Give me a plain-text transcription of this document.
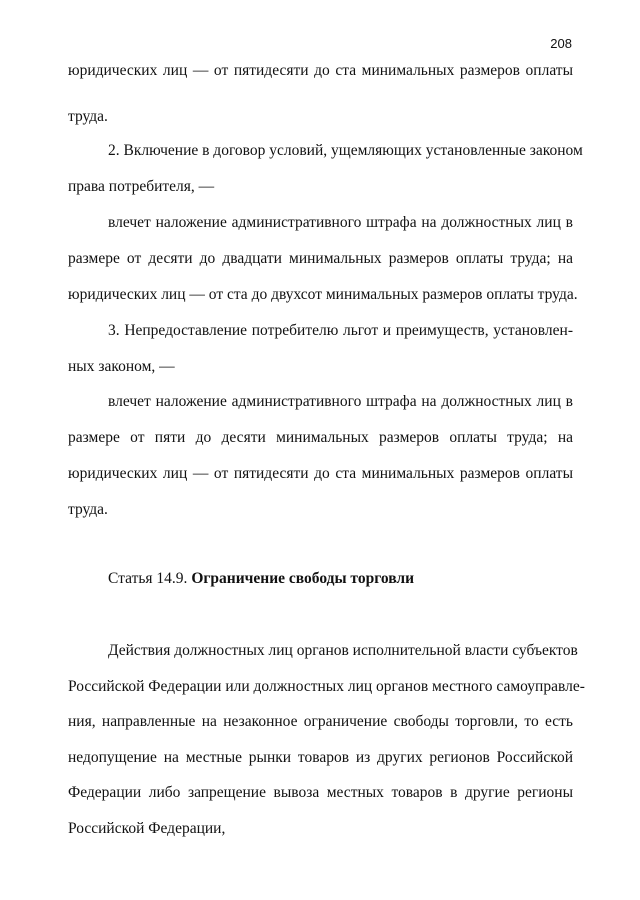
208
юридических лиц — от пятидесяти до ста минимальных размеров оплаты
труда.
2. Включение в договор условий, ущемляющих установленные законом
права потребителя, —
влечет наложение административного штрафа на должностных лиц в
размере от десяти до двадцати минимальных размеров оплаты труда; на
юридических лиц — от ста до двухсот минимальных размеров оплаты труда.
3. Непредоставление потребителю льгот и преимуществ, установлен-
ных законом, —
влечет наложение административного штрафа на должностных лиц в
размере от пяти до десяти минимальных размеров оплаты труда; на
юридических лиц — от пятидесяти до ста минимальных размеров оплаты
труда.
Статья 14.9. Ограничение свободы торговли
Действия должностных лиц органов исполнительной власти субъектов
Российской Федерации или должностных лиц органов местного самоуправле-
ния, направленные на незаконное ограничение свободы торговли, то есть
недопущение на местные рынки товаров из других регионов Российской
Федерации либо запрещение вывоза местных товаров в другие регионы
Российской Федерации,
